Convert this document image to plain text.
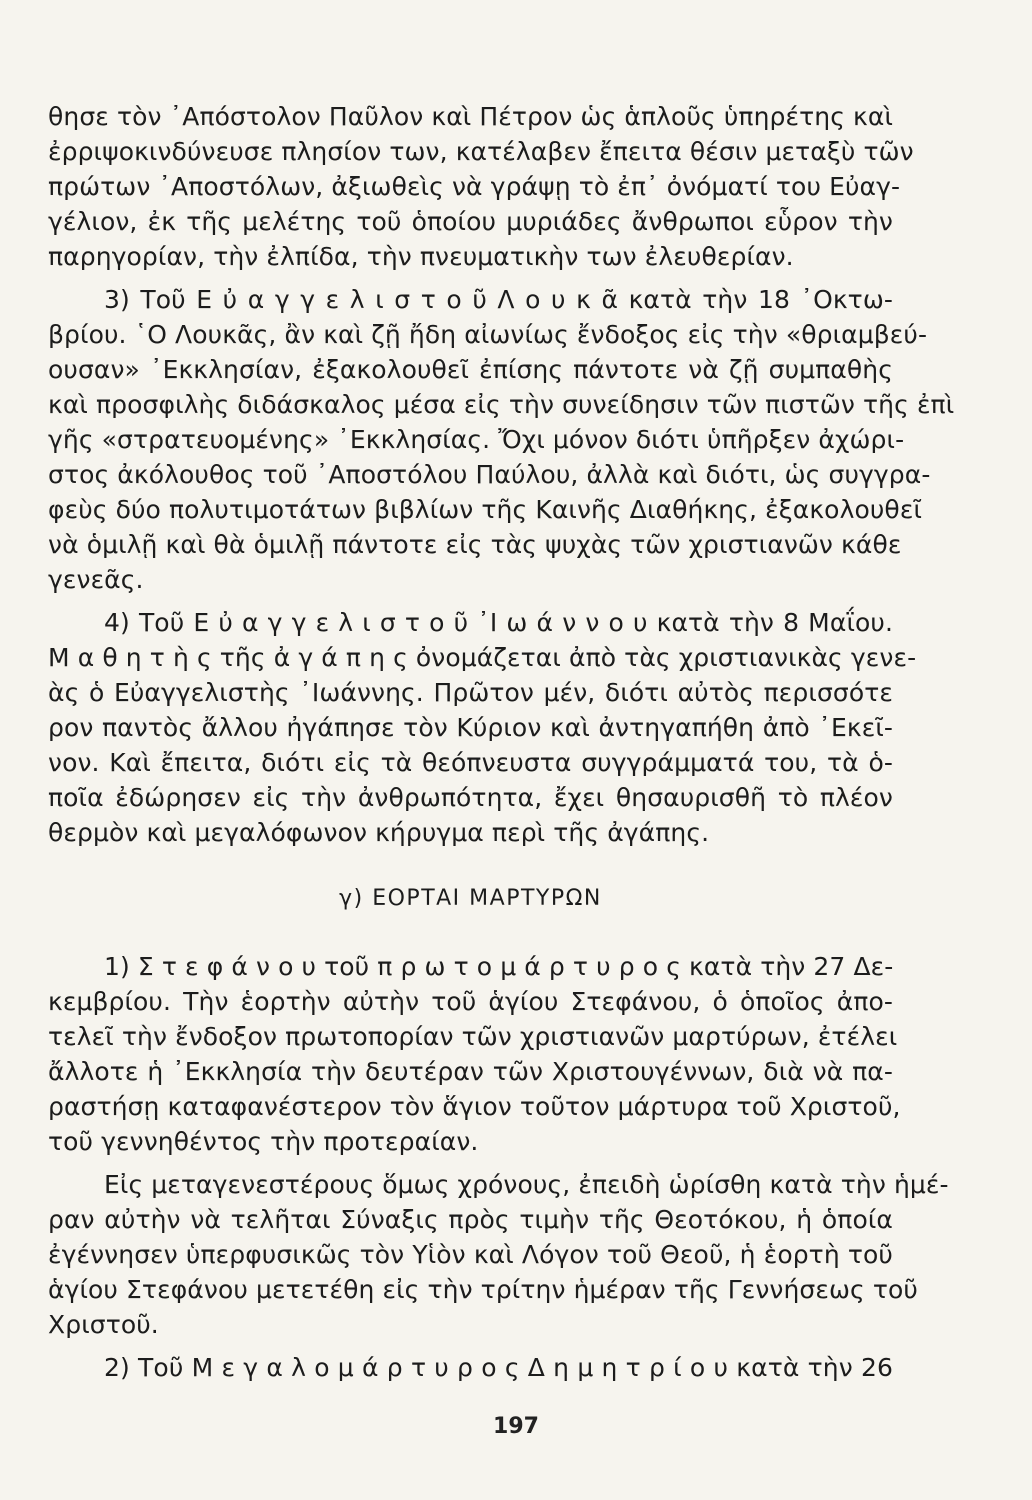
θησε τὸν ᾿Απόστολον Παῦλον καὶ Πέτρον ὡς ἁπλοῦς ὑπηρέτης καὶ
ἐρριψοκινδύνευσε πλησίον των, κατέλαβεν ἔπειτα θέσιν μεταξὺ τῶν
πρώτων ᾿Αποστόλων, ἀξιωθεὶς νὰ γράψῃ τὸ ἐπ᾿ ὀνόματί του Εὐαγ-
γέλιον, ἐκ τῆς μελέτης τοῦ ὁποίου μυριάδες ἄνθρωποι εὗρον τὴν
παρηγορίαν, τὴν ἐλπίδα, τὴν πνευματικὴν των ἐλευθερίαν.
3) Τοῦ Ε ὐ α γ γ ε λ ι σ τ ο ῦ Λ ο υ κ ᾶ κατὰ τὴν 18 ᾿Οκτω-
βρίου. ῾Ο Λουκᾶς, ἂν καὶ ζῇ ἤδη αἰωνίως ἔνδοξος εἰς τὴν «θριαμβεύ-
ουσαν» ᾿Εκκλησίαν, ἐξακολουθεῖ ἐπίσης πάντοτε νὰ ζῇ συμπαθὴς
καὶ προσφιλὴς διδάσκαλος μέσα εἰς τὴν συνείδησιν τῶν πιστῶν τῆς ἐπὶ
γῆς «στρατευομένης» ᾿Εκκλησίας. Ὄχι μόνον διότι ὑπῆρξεν ἀχώρι-
στος ἀκόλουθος τοῦ ᾿Αποστόλου Παύλου, ἀλλὰ καὶ διότι, ὡς συγγρα-
φεὺς δύο πολυτιμοτάτων βιβλίων τῆς Καινῆς Διαθήκης, ἐξακολουθεῖ
νὰ ὁμιλῇ καὶ θὰ ὁμιλῇ πάντοτε εἰς τὰς ψυχὰς τῶν χριστιανῶν κάθε
γενεᾶς.
4) Τοῦ Ε ὐ α γ γ ε λ ι σ τ ο ῦ ᾿Ι ω ά ν ν ο υ κατὰ τὴν 8 Μαΐου.
Μ α θ η τ ὴ ς τῆς ἀ γ ά π η ς ὀνομάζεται ἀπὸ τὰς χριστιανικὰς γενε-
ὰς ὁ Εὐαγγελιστὴς ᾿Ιωάννης. Πρῶτον μέν, διότι αὐτὸς περισσότε
ρον παντὸς ἄλλου ἠγάπησε τὸν Κύριον καὶ ἀντηγαπήθη ἀπὸ ᾿Εκεῖ-
νον. Καὶ ἔπειτα, διότι εἰς τὰ θεόπνευστα συγγράμματά του, τὰ ὁ-
ποῖα ἐδώρησεν εἰς τὴν ἀνθρωπότητα, ἔχει θησαυρισθῆ τὸ πλέον
θερμὸν καὶ μεγαλόφωνον κήρυγμα περὶ τῆς ἀγάπης.
γ) ΕΟΡΤΑΙ ΜΑΡΤΥΡΩΝ
1) Σ τ ε φ ά ν ο υ τοῦ π ρ ω τ ο μ ά ρ τ υ ρ ο ς κατὰ τὴν 27 Δε-
κεμβρίου. Τὴν ἑορτὴν αὐτὴν τοῦ ἁγίου Στεφάνου, ὁ ὁποῖος ἀπο-
τελεῖ τὴν ἔνδοξον πρωτοπορίαν τῶν χριστιανῶν μαρτύρων, ἐτέλει
ἄλλοτε ἡ ᾿Εκκλησία τὴν δευτέραν τῶν Χριστουγέννων, διὰ νὰ πα-
ραστήσῃ καταφανέστερον τὸν ἅγιον τοῦτον μάρτυρα τοῦ Χριστοῦ,
τοῦ γεννηθέντος τὴν προτεραίαν.
Εἰς μεταγενεστέρους ὅμως χρόνους, ἐπειδὴ ὡρίσθη κατὰ τὴν ἡμέ-
ραν αὐτὴν νὰ τελῆται Σύναξις πρὸς τιμὴν τῆς Θεοτόκου, ἡ ὁποία
ἐγέννησεν ὑπερφυσικῶς τὸν Υἱὸν καὶ Λόγον τοῦ Θεοῦ, ἡ ἑορτὴ τοῦ
ἁγίου Στεφάνου μετετέθη εἰς τὴν τρίτην ἡμέραν τῆς Γεννήσεως τοῦ
Χριστοῦ.
2) Τοῦ Μ ε γ α λ ο μ ά ρ τ υ ρ ο ς Δ η μ η τ ρ ί ο υ κατὰ τὴν 26
197
